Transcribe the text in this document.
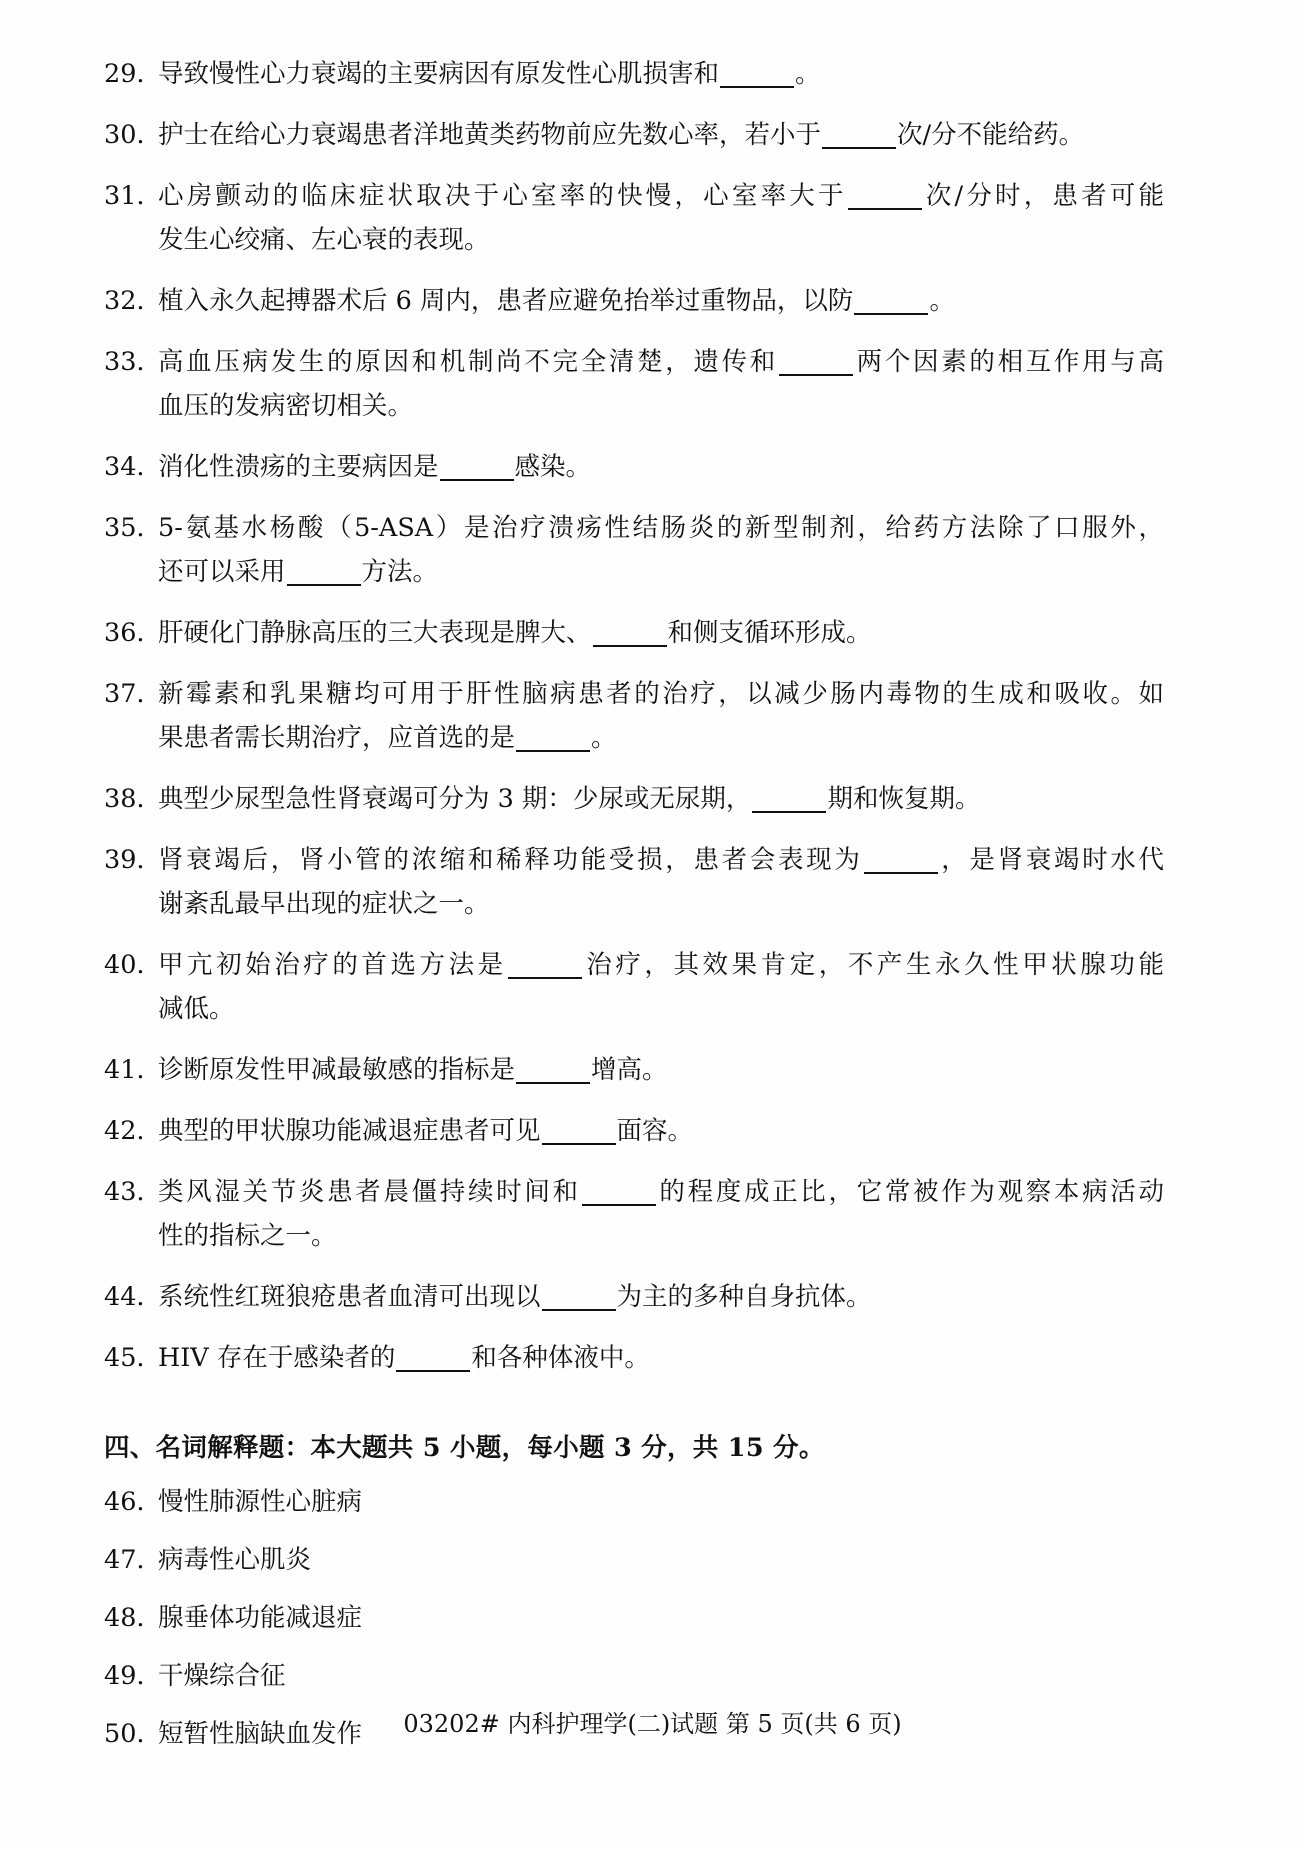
29．
导致慢性心力衰竭的主要病因有原发性心肌损害和	。
30．
护士在给心力衰竭患者洋地黄类药物前应先数心率，若小于	次/分不能给药。
31．
心房颤动的临床症状取决于心室率的快慢，心室率大于	次/分时，患者可能
发生心绞痛、左心衰的表现。
32．
植入永久起搏器术后 6 周内，患者应避免抬举过重物品，以防	。
33．
高血压病发生的原因和机制尚不完全清楚，遗传和	两个因素的相互作用与高
血压的发病密切相关。
34．
消化性溃疡的主要病因是	感染。
35．
5-氨基水杨酸（5-ASA）是治疗溃疡性结肠炎的新型制剂，给药方法除了口服外，
还可以采用	方法。
36．
肝硬化门静脉高压的三大表现是脾大、	和侧支循环形成。
37．
新霉素和乳果糖均可用于肝性脑病患者的治疗，以减少肠内毒物的生成和吸收。如
果患者需长期治疗，应首选的是	。
38．
典型少尿型急性肾衰竭可分为 3 期：少尿或无尿期，	期和恢复期。
39．
肾衰竭后，肾小管的浓缩和稀释功能受损，患者会表现为	，是肾衰竭时水代
谢紊乱最早出现的症状之一。
40．
甲亢初始治疗的首选方法是	治疗，其效果肯定，不产生永久性甲状腺功能
减低。
41．
诊断原发性甲减最敏感的指标是	增高。
42．
典型的甲状腺功能减退症患者可见	面容。
43．
类风湿关节炎患者晨僵持续时间和	的程度成正比，它常被作为观察本病活动
性的指标之一。
44．
系统性红斑狼疮患者血清可出现以	为主的多种自身抗体。
45．
HIV 存在于感染者的	和各种体液中。
四、名词解释题：本大题共 5 小题，每小题 3 分，共 15 分。
46．
慢性肺源性心脏病
47．
病毒性心肌炎
48．
腺垂体功能减退症
49．
干燥综合征
50．
短暂性脑缺血发作	03202# 内科护理学(二)试题 第 5 页(共 6 页)
